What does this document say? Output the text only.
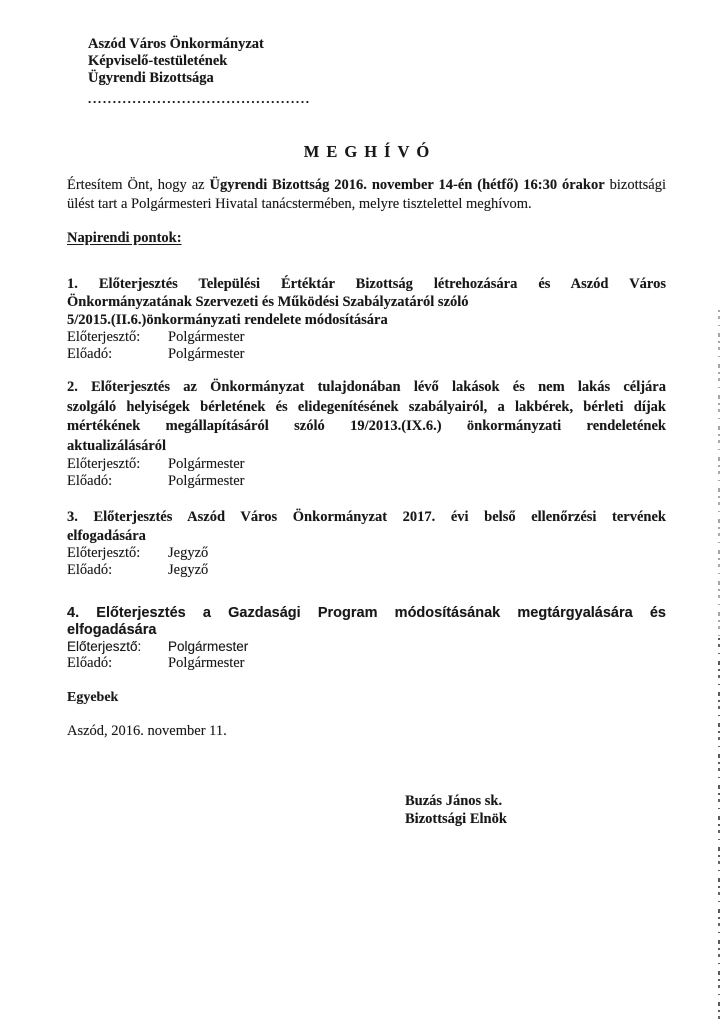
Aszód Város Önkormányzat
Képviselő-testületének
Ügyrendi Bizottsága
.............................................
MEGHÍVÓ
Értesítem Önt, hogy az Ügyrendi Bizottság 2016. november 14-én (hétfő) 16:30 órakor bizottsági ülést tart a Polgármesteri Hivatal tanácstermében, melyre tisztelettel meghívom.
Napirendi pontok:
1. Előterjesztés Települési Értéktár Bizottság létrehozására és Aszód Város
Önkormányzatának Szervezeti és Működési Szabályzatáról szóló
5/2015.(II.6.)önkormányzati rendelete módosítására
Előterjesztő:	Polgármester
Előadó:	Polgármester
2. Előterjesztés az Önkormányzat tulajdonában lévő lakások és nem lakás céljára
szolgáló helyiségek bérletének és elidegenítésének szabályairól, a lakbérek, bérleti díjak
mértékének megállapításáról szóló 19/2013.(IX.6.) önkormányzati rendeletének
aktualizálásáról
Előterjesztő:	Polgármester
Előadó:	Polgármester
3. Előterjesztés Aszód Város Önkormányzat 2017. évi belső ellenőrzési tervének
elfogadására
Előterjesztő:	Jegyző
Előadó:	Jegyző
4. Előterjesztés a Gazdasági Program módosításának megtárgyalására és elfogadására
Előterjesztő:	Polgármester
Előadó:	Polgármester
Egyebek
Aszód, 2016. november 11.
Buzás János sk.
Bizottsági Elnök
